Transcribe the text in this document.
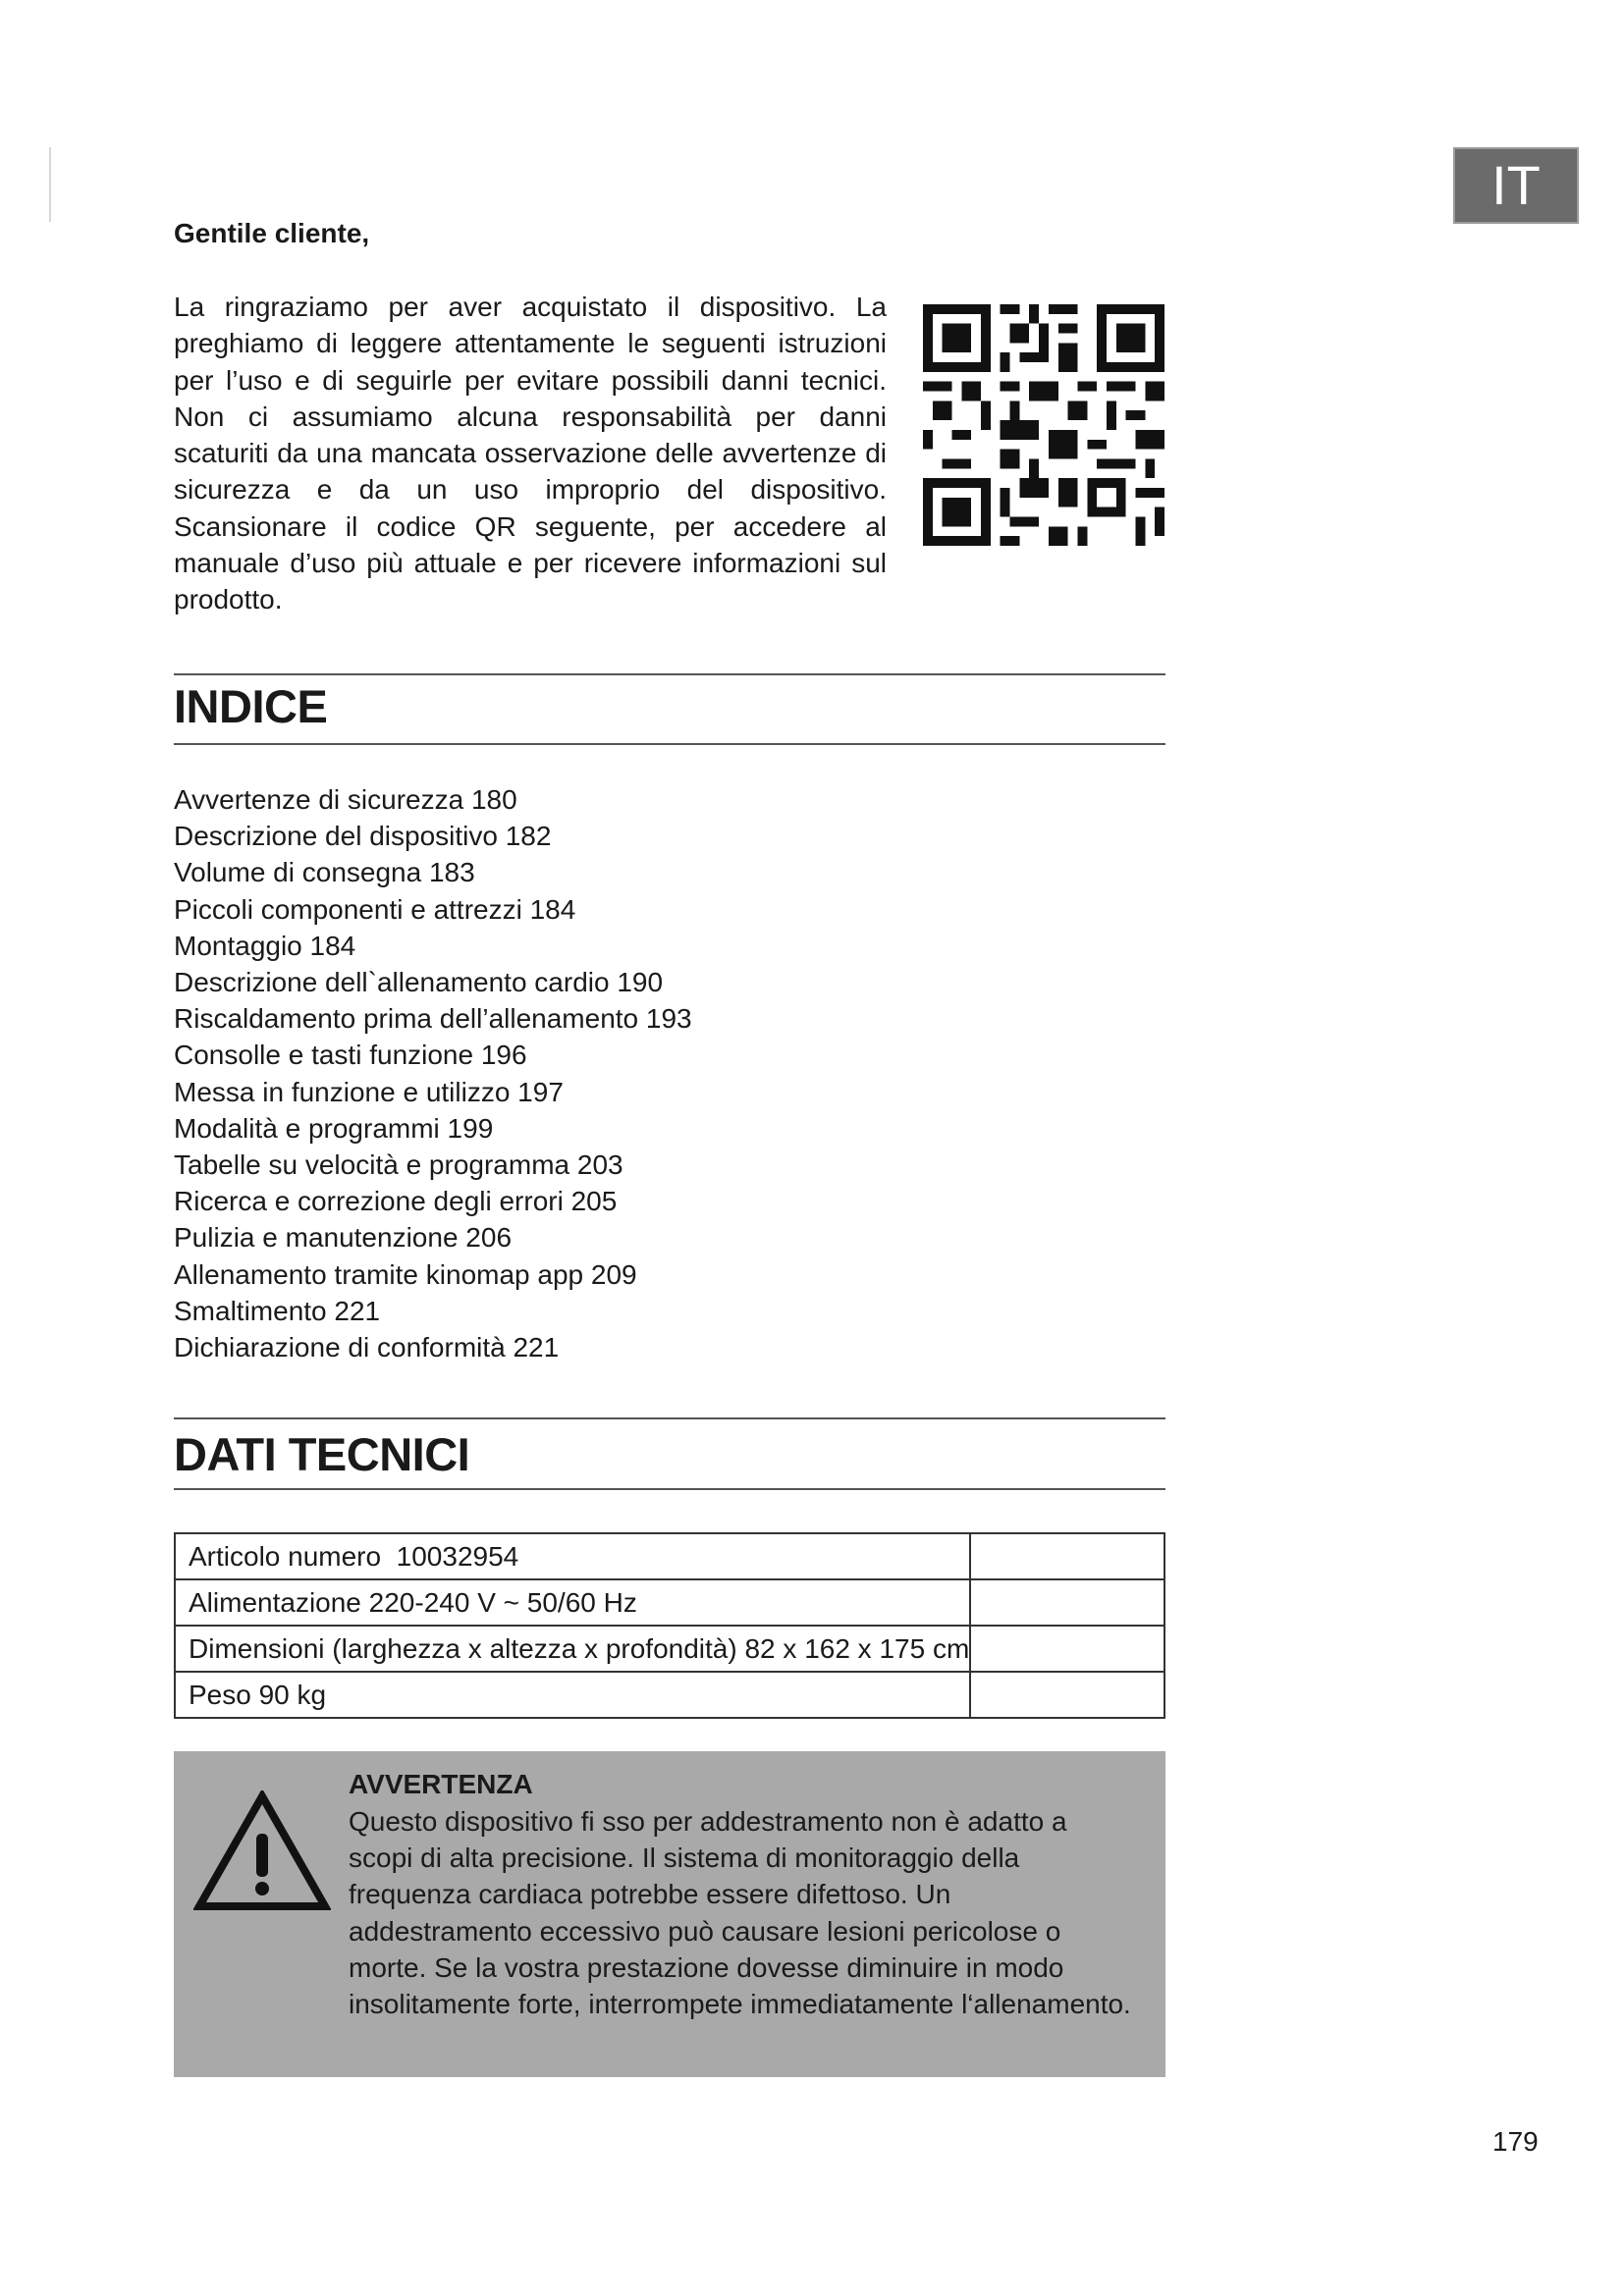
IT
Gentile cliente,

La ringraziamo per aver acquistato il dispositivo. La preghiamo di leggere attentamente le seguenti istruzioni per l’uso e di seguirle per evitare possibili danni tecnici. Non ci assumiamo alcuna responsabilità per danni scaturiti da una mancata osservazione delle avvertenze di sicurezza e da un uso improprio del dispositivo. Scansionare il codice QR seguente, per accedere al manuale d’uso più attuale e per ricevere informazioni sul prodotto.

INDICE
Avvertenze di sicurezza 180
Descrizione del dispositivo 182
Volume di consegna 183
Piccoli componenti e attrezzi 184
Montaggio 184
Descrizione dell`allenamento cardio 190
Riscaldamento prima dell’allenamento 193
Consolle e tasti funzione 196
Messa in funzione e utilizzo 197
Modalità e programmi 199
Tabelle su velocità e programma 203
Ricerca e correzione degli errori 205
Pulizia e manutenzione 206
Allenamento tramite kinomap app 209
Smaltimento 221
Dichiarazione di conformità 221
DATI TECNICI
Articolo numero 10032954	
Alimentazione 220-240 V ~ 50/60 Hz	
Dimensioni (larghezza x altezza x profondità) 82 x 162 x 175 cm	
Peso 90 kg	
AVVERTENZA

Questo dispositivo fi sso per addestramento non è adatto a scopi di alta precisione. Il sistema di monitoraggio della frequenza cardiaca potrebbe essere difettoso. Un addestramento eccessivo può causare lesioni pericolose o morte. Se la vostra prestazione dovesse diminuire in modo insolitamente forte, interrompete immediatamente l‘allenamento.

179
